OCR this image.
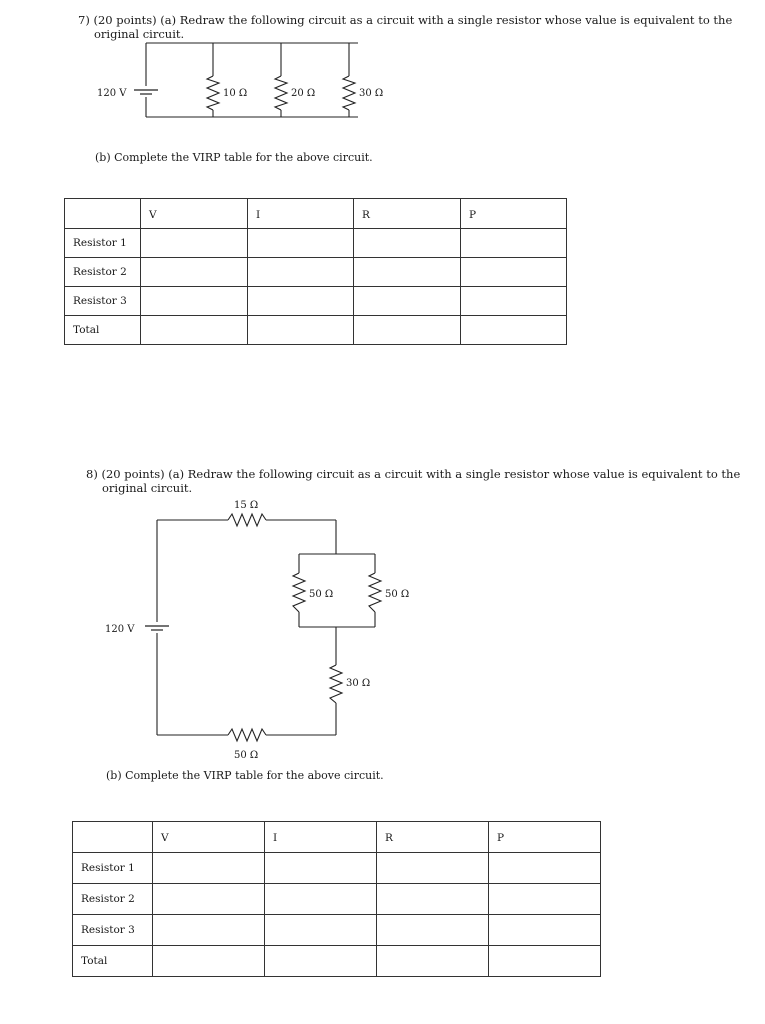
7) (20 points) (a) Redraw the following circuit as a circuit with a single resistor whose value is equivalent to the
original circuit.

120 V	10 Ω	20 Ω	30 Ω

(b) Complete the VIRP table for the above circuit.

	V	I	R	P
Resistor 1				
Resistor 2				
Resistor 3				
Total				

8) (20 points) (a) Redraw the following circuit as a circuit with a single resistor whose value is equivalent to the
original circuit.

15 Ω
50 Ω	50 Ω
30 Ω
50 Ω
120 V

(b) Complete the VIRP table for the above circuit.

	V	I	R	P
Resistor 1				
Resistor 2				
Resistor 3				
Total				
